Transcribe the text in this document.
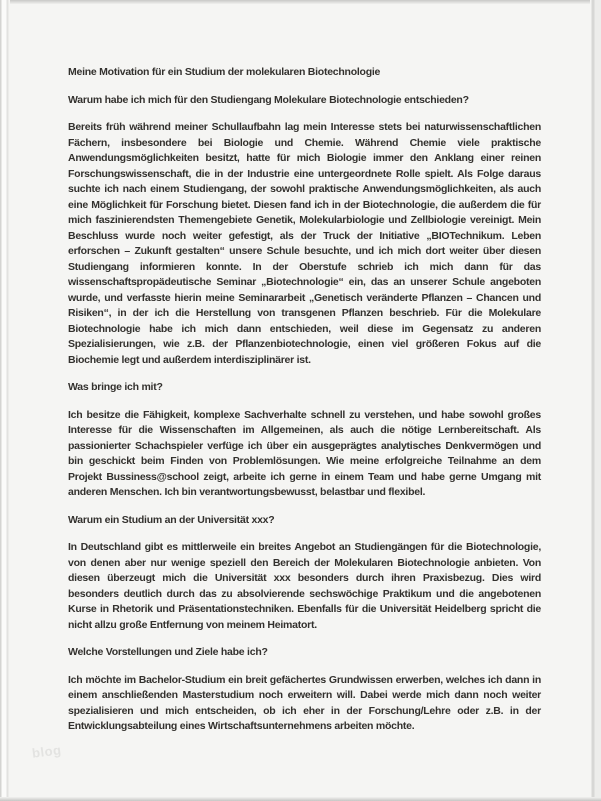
Meine Motivation für ein Studium der molekularen Biotechnologie

Warum habe ich mich für den Studiengang Molekulare Biotechnologie entschieden?

Bereits früh während meiner Schullaufbahn lag mein Interesse stets bei naturwissenschaftlichen Fächern, insbesondere bei Biologie und Chemie. Während Chemie viele praktische Anwendungsmöglichkeiten besitzt, hatte für mich Biologie immer den Anklang einer reinen Forschungswissenschaft, die in der Industrie eine untergeordnete Rolle spielt. Als Folge daraus suchte ich nach einem Studiengang, der sowohl praktische Anwendungsmöglichkeiten, als auch eine Möglichkeit für Forschung bietet. Diesen fand ich in der Biotechnologie, die außerdem die für mich faszinierendsten Themengebiete Genetik, Molekularbiologie und Zellbiologie vereinigt. Mein Beschluss wurde noch weiter gefestigt, als der Truck der Initiative „BIOTechnikum. Leben erforschen – Zukunft gestalten“ unsere Schule besuchte, und ich mich dort weiter über diesen Studiengang informieren konnte. In der Oberstufe schrieb ich mich dann für das wissenschaftspropädeutische Seminar „Biotechnologie“ ein, das an unserer Schule angeboten wurde, und verfasste hierin meine Seminararbeit „Genetisch veränderte Pflanzen – Chancen und Risiken“, in der ich die Herstellung von transgenen Pflanzen beschrieb. Für die Molekulare Biotechnologie habe ich mich dann entschieden, weil diese im Gegensatz zu anderen Spezialisierungen, wie z.B. der Pflanzenbiotechnologie, einen viel größeren Fokus auf die Biochemie legt und außerdem interdisziplinärer ist.

Was bringe ich mit?

Ich besitze die Fähigkeit, komplexe Sachverhalte schnell zu verstehen, und habe sowohl großes Interesse für die Wissenschaften im Allgemeinen, als auch die nötige Lernbereitschaft. Als passionierter Schachspieler verfüge ich über ein ausgeprägtes analytisches Denkvermögen und bin geschickt beim Finden von Problemlösungen. Wie meine erfolgreiche Teilnahme an dem Projekt Bussiness@school zeigt, arbeite ich gerne in einem Team und habe gerne Umgang mit anderen Menschen. Ich bin verantwortungsbewusst, belastbar und flexibel.

Warum ein Studium an der Universität xxx?

In Deutschland gibt es mittlerweile ein breites Angebot an Studiengängen für die Biotechnologie, von denen aber nur wenige speziell den Bereich der Molekularen Biotechnologie anbieten. Von diesen überzeugt mich die Universität xxx besonders durch ihren Praxisbezug. Dies wird besonders deutlich durch das zu absolvierende sechswöchige Praktikum und die angebotenen Kurse in Rhetorik und Präsentationstechniken. Ebenfalls für die Universität Heidelberg spricht die nicht allzu große Entfernung von meinem Heimatort.

Welche Vorstellungen und Ziele habe ich?

Ich möchte im Bachelor-Studium ein breit gefächertes Grundwissen erwerben, welches ich dann in einem anschließenden Masterstudium noch erweitern will. Dabei werde mich dann noch weiter spezialisieren und mich entscheiden, ob ich eher in der Forschung/Lehre oder z.B. in der Entwicklungsabteilung eines Wirtschaftsunternehmens arbeiten möchte.

blog
